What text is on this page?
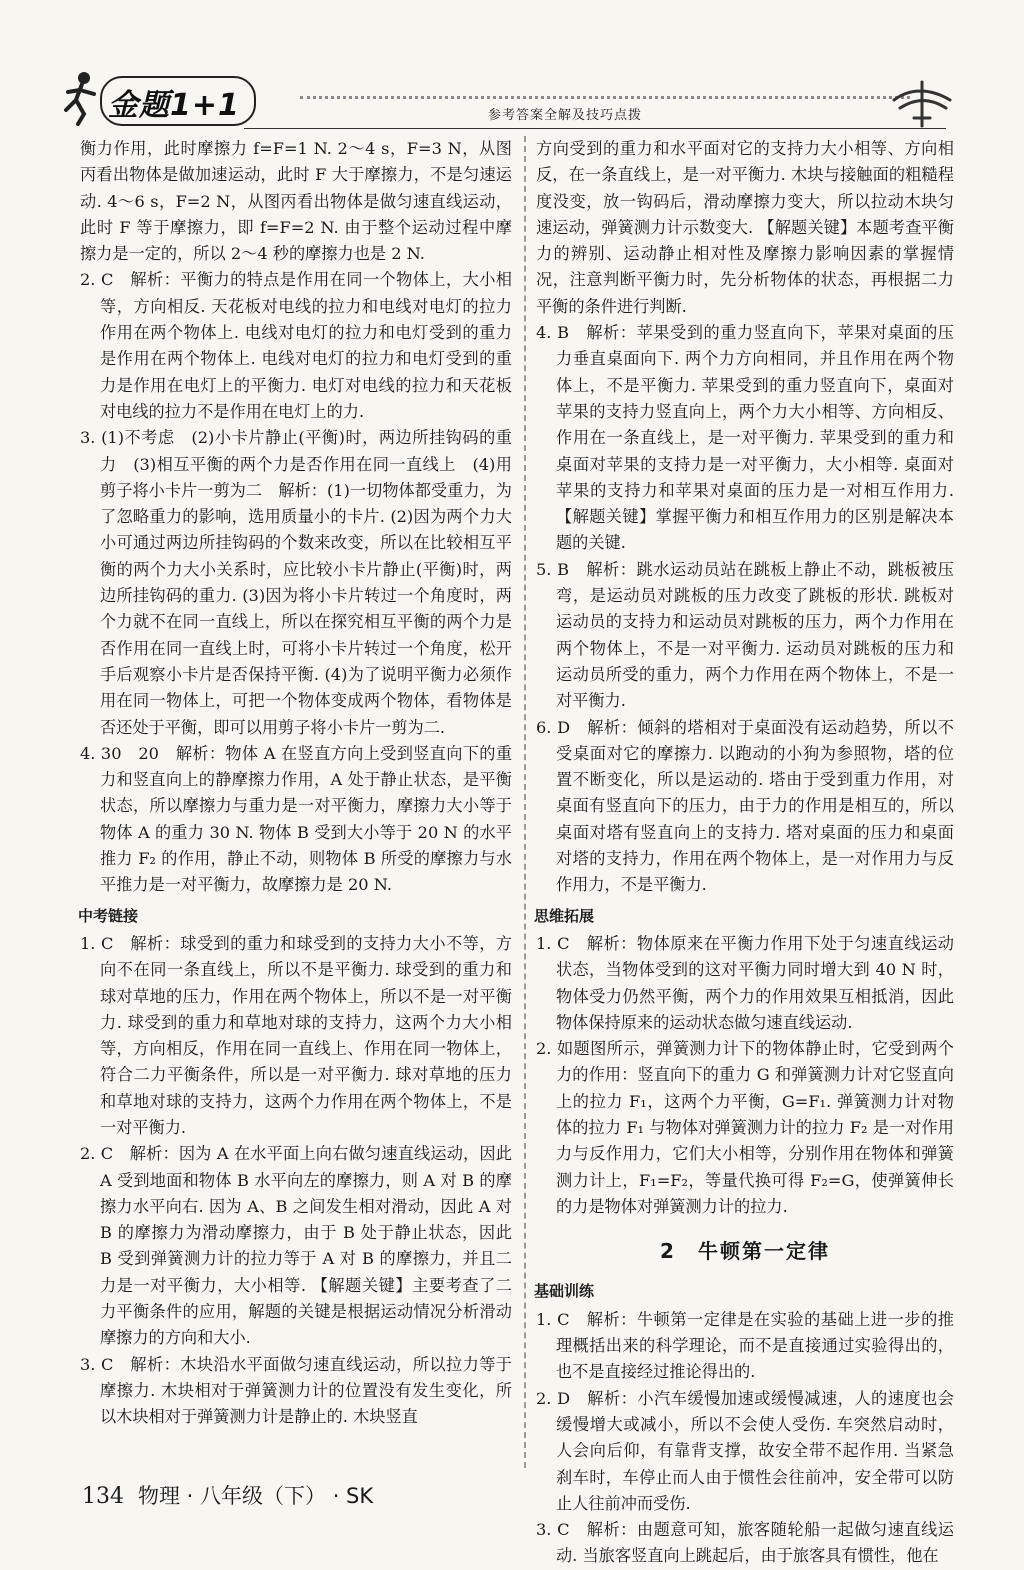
金题1+1	参考答案全解及技巧点拨

衡力作用，此时摩擦力 f=F=1 N. 2～4 s，F=3 N，从图丙看出物体是做加速运动，此时 F 大于摩擦力，不是匀速运动. 4～6 s，F=2 N，从图丙看出物体是做匀速直线运动，此时 F 等于摩擦力，即 f=F=2 N. 由于整个运动过程中摩擦力是一定的，所以 2～4 秒的摩擦力也是 2 N.

2. C　解析：平衡力的特点是作用在同一个物体上，大小相等，方向相反. 天花板对电线的拉力和电线对电灯的拉力作用在两个物体上. 电线对电灯的拉力和电灯受到的重力是作用在两个物体上. 电线对电灯的拉力和电灯受到的重力是作用在电灯上的平衡力. 电灯对电线的拉力和天花板对电线的拉力不是作用在电灯上的力.

3. (1)不考虑　(2)小卡片静止(平衡)时，两边所挂钩码的重力　(3)相互平衡的两个力是否作用在同一直线上　(4)用剪子将小卡片一剪为二　解析：(1)一切物体都受重力，为了忽略重力的影响，选用质量小的卡片. (2)因为两个力大小可通过两边所挂钩码的个数来改变，所以在比较相互平衡的两个力大小关系时，应比较小卡片静止(平衡)时，两边所挂钩码的重力. (3)因为将小卡片转过一个角度时，两个力就不在同一直线上，所以在探究相互平衡的两个力是否作用在同一直线上时，可将小卡片转过一个角度，松开手后观察小卡片是否保持平衡. (4)为了说明平衡力必须作用在同一物体上，可把一个物体变成两个物体，看物体是否还处于平衡，即可以用剪子将小卡片一剪为二.

4. 30　20　解析：物体 A 在竖直方向上受到竖直向下的重力和竖直向上的静摩擦力作用，A 处于静止状态，是平衡状态，所以摩擦力与重力是一对平衡力，摩擦力大小等于物体 A 的重力 30 N. 物体 B 受到大小等于 20 N 的水平推力 F₂ 的作用，静止不动，则物体 B 所受的摩擦力与水平推力是一对平衡力，故摩擦力是 20 N.

中考链接

1. C　解析：球受到的重力和球受到的支持力大小不等，方向不在同一条直线上，所以不是平衡力. 球受到的重力和球对草地的压力，作用在两个物体上，所以不是一对平衡力. 球受到的重力和草地对球的支持力，这两个力大小相等，方向相反，作用在同一直线上、作用在同一物体上，符合二力平衡条件，所以是一对平衡力. 球对草地的压力和草地对球的支持力，这两个力作用在两个物体上，不是一对平衡力.

2. C　解析：因为 A 在水平面上向右做匀速直线运动，因此 A 受到地面和物体 B 水平向左的摩擦力，则 A 对 B 的摩擦力水平向右. 因为 A、B 之间发生相对滑动，因此 A 对 B 的摩擦力为滑动摩擦力，由于 B 处于静止状态，因此 B 受到弹簧测力计的拉力等于 A 对 B 的摩擦力，并且二力是一对平衡力，大小相等. 【解题关键】主要考查了二力平衡条件的应用，解题的关键是根据运动情况分析滑动摩擦力的方向和大小.

3. C　解析：木块沿水平面做匀速直线运动，所以拉力等于摩擦力. 木块相对于弹簧测力计的位置没有发生变化，所以木块相对于弹簧测力计是静止的. 木块竖直

方向受到的重力和水平面对它的支持力大小相等、方向相反，在一条直线上，是一对平衡力. 木块与接触面的粗糙程度没变，放一钩码后，滑动摩擦力变大，所以拉动木块匀速运动，弹簧测力计示数变大. 【解题关键】本题考查平衡力的辨别、运动静止相对性及摩擦力影响因素的掌握情况，注意判断平衡力时，先分析物体的状态，再根据二力平衡的条件进行判断.

4. B　解析：苹果受到的重力竖直向下，苹果对桌面的压力垂直桌面向下. 两个力方向相同，并且作用在两个物体上，不是平衡力. 苹果受到的重力竖直向下，桌面对苹果的支持力竖直向上，两个力大小相等、方向相反、作用在一条直线上，是一对平衡力. 苹果受到的重力和桌面对苹果的支持力是一对平衡力，大小相等. 桌面对苹果的支持力和苹果对桌面的压力是一对相互作用力. 【解题关键】掌握平衡力和相互作用力的区别是解决本题的关键.

5. B　解析：跳水运动员站在跳板上静止不动，跳板被压弯，是运动员对跳板的压力改变了跳板的形状. 跳板对运动员的支持力和运动员对跳板的压力，两个力作用在两个物体上，不是一对平衡力. 运动员对跳板的压力和运动员所受的重力，两个力作用在两个物体上，不是一对平衡力.

6. D　解析：倾斜的塔相对于桌面没有运动趋势，所以不受桌面对它的摩擦力. 以跑动的小狗为参照物，塔的位置不断变化，所以是运动的. 塔由于受到重力作用，对桌面有竖直向下的压力，由于力的作用是相互的，所以桌面对塔有竖直向上的支持力. 塔对桌面的压力和桌面对塔的支持力，作用在两个物体上，是一对作用力与反作用力，不是平衡力.

思维拓展

1. C　解析：物体原来在平衡力作用下处于匀速直线运动状态，当物体受到的这对平衡力同时增大到 40 N 时，物体受力仍然平衡，两个力的作用效果互相抵消，因此物体保持原来的运动状态做匀速直线运动.

2. 如题图所示，弹簧测力计下的物体静止时，它受到两个力的作用：竖直向下的重力 G 和弹簧测力计对它竖直向上的拉力 F₁，这两个力平衡，G=F₁. 弹簧测力计对物体的拉力 F₁ 与物体对弹簧测力计的拉力 F₂ 是一对作用力与反作用力，它们大小相等，分别作用在物体和弹簧测力计上，F₁=F₂，等量代换可得 F₂=G，使弹簧伸长的力是物体对弹簧测力计的拉力.

2　牛顿第一定律
基础训练

1. C　解析：牛顿第一定律是在实验的基础上进一步的推理概括出来的科学理论，而不是直接通过实验得出的，也不是直接经过推论得出的.

2. D　解析：小汽车缓慢加速或缓慢减速，人的速度也会缓慢增大或减小，所以不会使人受伤. 车突然启动时，人会向后仰，有靠背支撑，故安全带不起作用. 当紧急刹车时，车停止而人由于惯性会往前冲，安全带可以防止人往前冲而受伤.

3. C　解析：由题意可知，旅客随轮船一起做匀速直线运动. 当旅客竖直向上跳起后，由于旅客具有惯性，他在

134 物理 · 八年级（下） · SK
